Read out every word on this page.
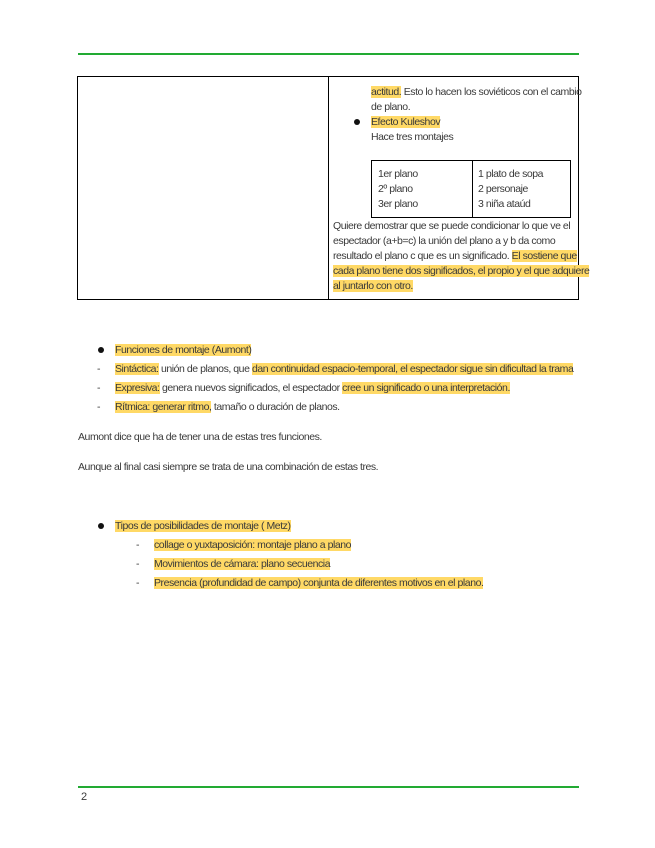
actitud. Esto lo hacen los soviéticos con el cambio
de plano.
Efecto Kuleshov
Hace tres montajes
1er plano
2º plano
3er plano
1 plato de sopa
2 personaje
3 niña ataúd
Quiere demostrar que se puede condicionar lo que ve el
espectador (a+b=c) la unión del plano a y b da como
resultado el plano c que es un significado. El sostiene que
cada plano tiene dos significados, el propio y el que adquiere
al juntarlo con otro.
Funciones de montaje (Aumont)
- Sintáctica: unión de planos, que dan continuidad espacio-temporal, el espectador sigue sin dificultad la trama
- Expresiva: genera nuevos significados, el espectador cree un significado o una interpretación.
- Rítmica: generar ritmo, tamaño o duración de planos.
Aumont dice que ha de tener una de estas tres funciones.
Aunque al final casi siempre se trata de una combinación de estas tres.
Tipos de posibilidades de montaje ( Metz)
- collage o yuxtaposición: montaje plano a plano
- Movimientos de cámara: plano secuencia
- Presencia (profundidad de campo) conjunta de diferentes motivos en el plano.
2
